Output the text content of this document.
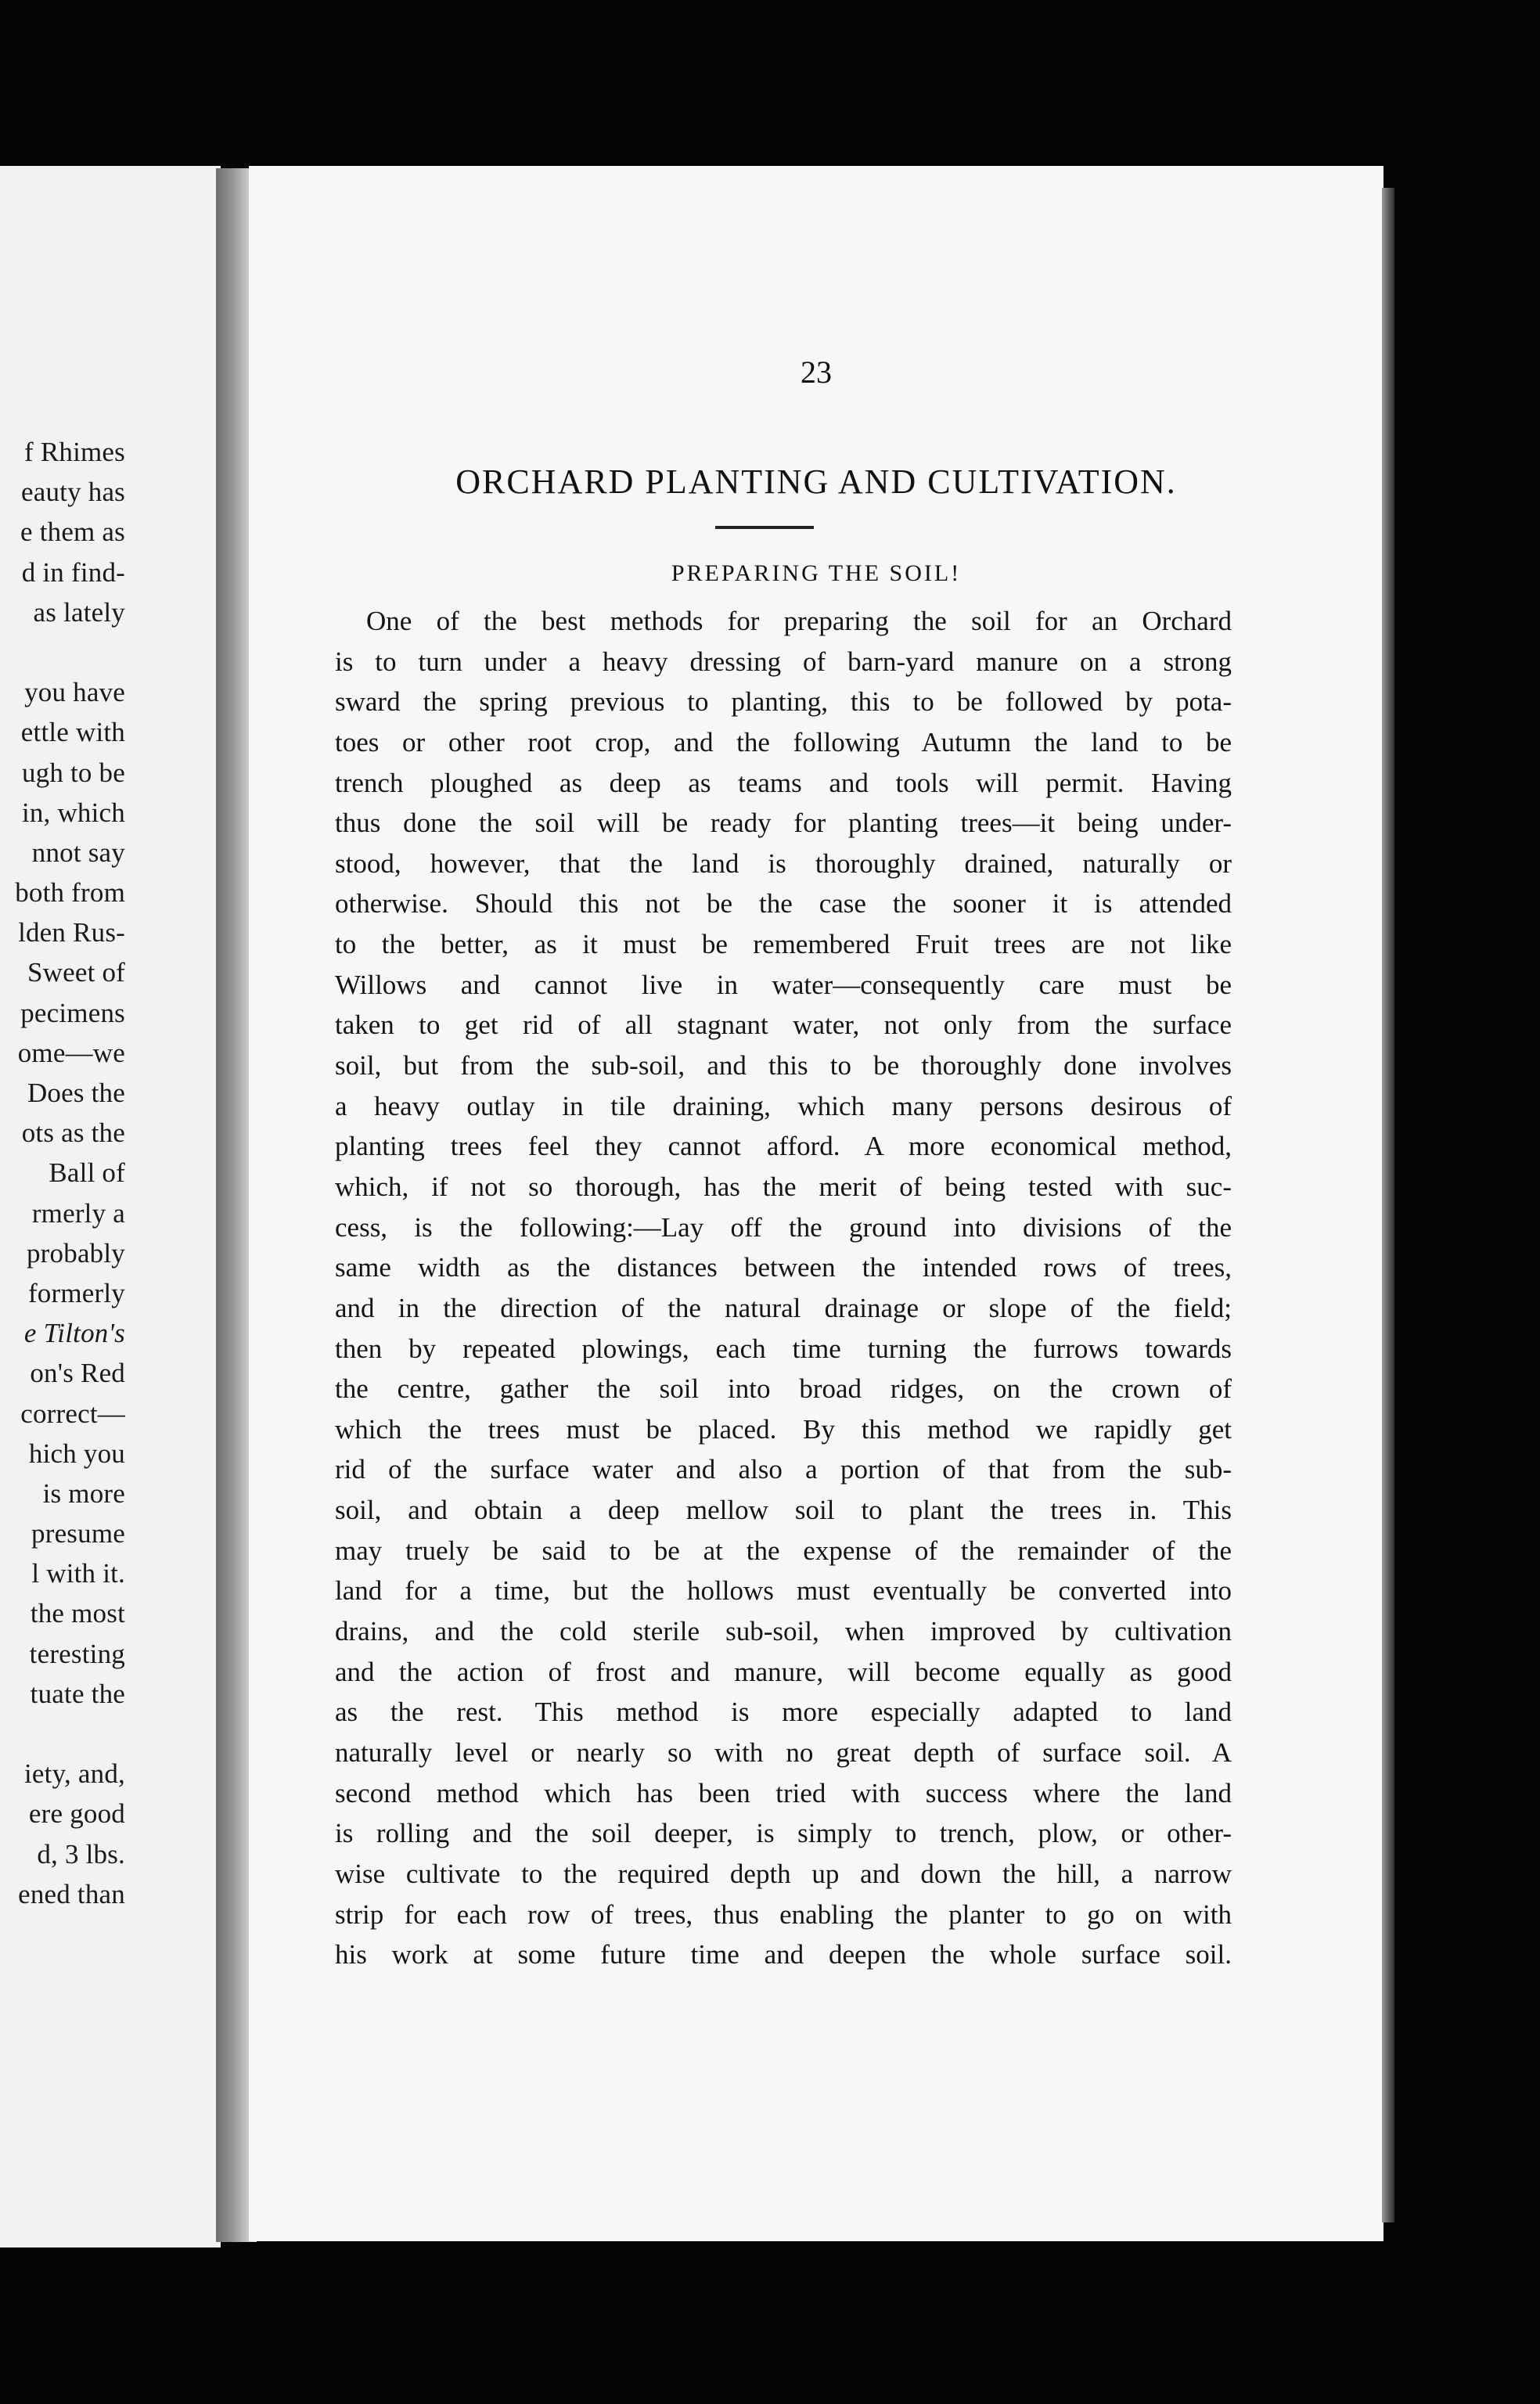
f Rhimes
eauty has
e them as
d in find-
as lately
you have
ettle with
ugh to be
in, which
nnot say
both from
lden Rus-
Sweet of
pecimens
ome—we
Does the
ots as the
Ball of
rmerly a
probably
formerly
e Tilton's
on's Red
correct—
hich you
is more
presume
l with it.
the most
teresting
tuate the
iety, and,
ere good
d, 3 lbs.
ened than
23
ORCHARD PLANTING AND CULTIVATION.
PREPARING THE SOIL!
One of the best methods for preparing the soil for an Orchard
is to turn under a heavy dressing of barn-yard manure on a strong
sward the spring previous to planting, this to be followed by pota-
toes or other root crop, and the following Autumn the land to be
trench ploughed as deep as teams and tools will permit. Having
thus done the soil will be ready for planting trees—it being under-
stood, however, that the land is thoroughly drained, naturally or
otherwise. Should this not be the case the sooner it is attended
to the better, as it must be remembered Fruit trees are not like
Willows and cannot live in water—consequently care must be
taken to get rid of all stagnant water, not only from the surface
soil, but from the sub-soil, and this to be thoroughly done involves
a heavy outlay in tile draining, which many persons desirous of
planting trees feel they cannot afford. A more economical method,
which, if not so thorough, has the merit of being tested with suc-
cess, is the following:—Lay off the ground into divisions of the
same width as the distances between the intended rows of trees,
and in the direction of the natural drainage or slope of the field;
then by repeated plowings, each time turning the furrows towards
the centre, gather the soil into broad ridges, on the crown of
which the trees must be placed. By this method we rapidly get
rid of the surface water and also a portion of that from the sub-
soil, and obtain a deep mellow soil to plant the trees in. This
may truely be said to be at the expense of the remainder of the
land for a time, but the hollows must eventually be converted into
drains, and the cold sterile sub-soil, when improved by cultivation
and the action of frost and manure, will become equally as good
as the rest. This method is more especially adapted to land
naturally level or nearly so with no great depth of surface soil. A
second method which has been tried with success where the land
is rolling and the soil deeper, is simply to trench, plow, or other-
wise cultivate to the required depth up and down the hill, a narrow
strip for each row of trees, thus enabling the planter to go on with
his work at some future time and deepen the whole surface soil.
